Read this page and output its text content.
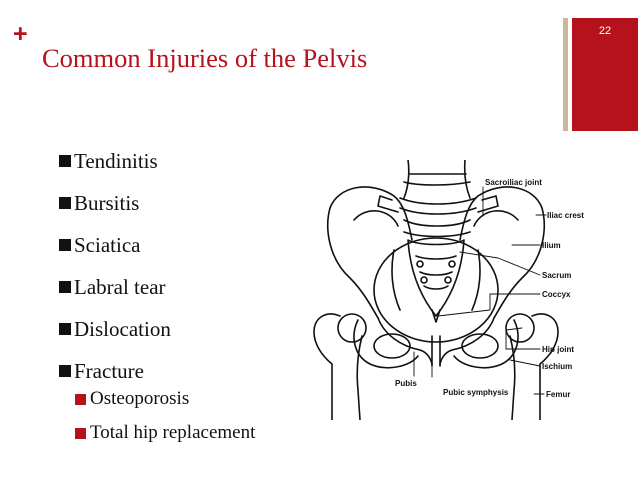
+
Common Injuries of the Pelvis
22
Tendinitis
Bursitis
Sciatica
Labral tear
Dislocation
Fracture
Osteoporosis
Total hip replacement
Sacroiliac joint
Iliac crest
Ilium
Sacrum
Coccyx
Hip joint
Ischium
Femur
Pubis
Pubic symphysis
